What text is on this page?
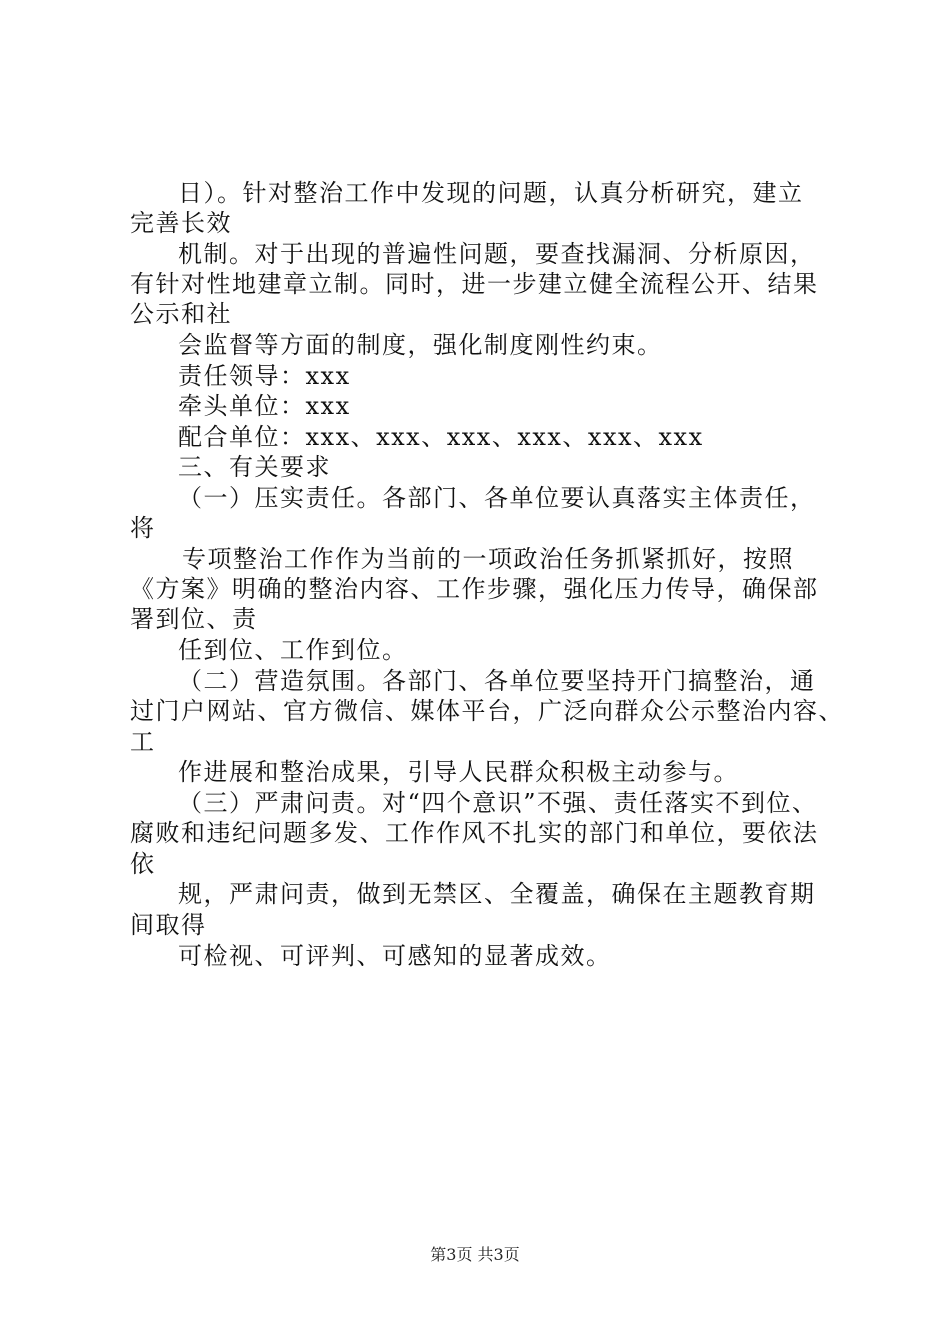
日）。针对整治工作中发现的问题，认真分析研究，建立
完善长效
机制。对于出现的普遍性问题，要查找漏洞、分析原因，
有针对性地建章立制。同时，进一步建立健全流程公开、结果
公示和社
会监督等方面的制度，强化制度刚性约束。
责任领导：xxx
牵头单位：xxx
配合单位：xxx、xxx、xxx、xxx、xxx、xxx
三、有关要求
（一）压实责任。各部门、各单位要认真落实主体责任，
将
专项整治工作作为当前的一项政治任务抓紧抓好，按照
《方案》明确的整治内容、工作步骤，强化压力传导，确保部
署到位、责
任到位、工作到位。
（二）营造氛围。各部门、各单位要坚持开门搞整治，通
过门户网站、官方微信、媒体平台，广泛向群众公示整治内容、
工
作进展和整治成果，引导人民群众积极主动参与。
（三）严肃问责。对“四个意识”不强、责任落实不到位、
腐败和违纪问题多发、工作作风不扎实的部门和单位，要依法
依
规，严肃问责，做到无禁区、全覆盖，确保在主题教育期
间取得
可检视、可评判、可感知的显著成效。
第3页 共3页
